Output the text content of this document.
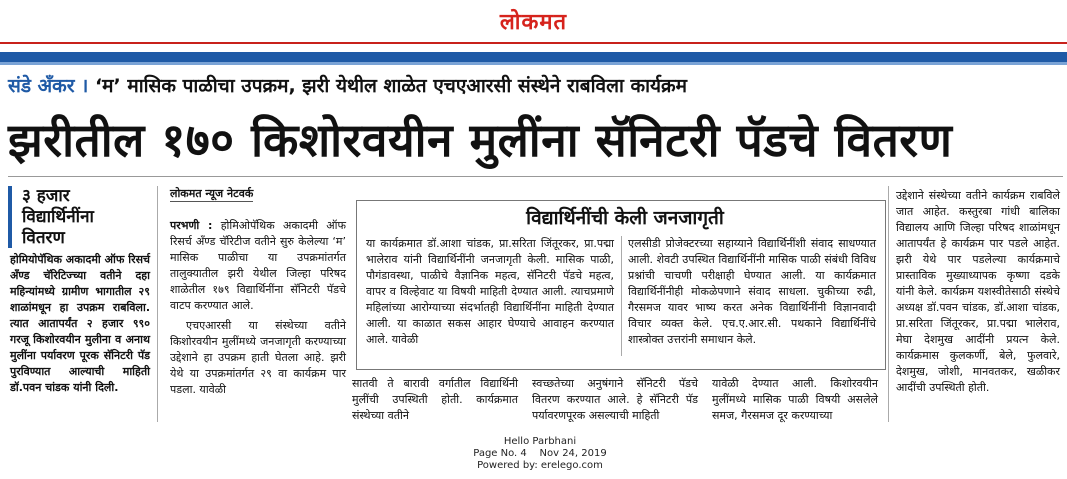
लोकमत
संडे अँकर । ‘म’ मासिक पाळीचा उपक्रम, झरी येथील शाळेत एचएआरसी संस्थेने राबविला कार्यक्रम
झरीतील १७० किशोरवयीन मुलींना सॅनिटरी पॅडचे वितरण
३ हजार विद्यार्थिनींना वितरण
होमियोपॅथिक अकादमी ऑफ रिसर्च अँण्ड चॅरिटिज्च्या वतीने दहा महिन्यांमध्ये ग्रामीण भागातील २९ शाळांमधून हा उपक्रम राबविला. त्यात आतापर्यंत २ हजार ९९० गरजू किशोरवयीन मुलीना व अनाथ मुलींना पर्यावरण पूरक सॅनिटरी पॅड पुरविण्यात आल्याची माहिती डॉ.पवन चांडक यांनी दिली.
लोकमत न्यूज नेटवर्क

परभणी : होमिओपॅथिक अकादमी ऑफ रिसर्च अँण्ड चॅरिटीज वतीने सुरु केलेल्या ‘म’ मासिक पाळीचा या उपक्रमांतर्गत तालुक्यातील झरी येथील जिल्हा परिषद शाळेतील १७९ विद्यार्थिनींना सॅनिटरी पॅडचे वाटप करण्यात आले.

एचएआरसी या संस्थेच्या वतीने किशोरवयीन मुलींमध्ये जनजागृती करण्याच्या उद्देशाने हा उपक्रम हाती घेतला आहे. झरी येथे या उपक्रमांतर्गत २९ वा कार्यक्रम पार पडला. यावेळी

विद्यार्थिनींची केली जनजागृती
या कार्यक्रमात डॉ.आशा चांडक, प्रा.सरिता जिंतूरकर, प्रा.पद्मा भालेराव यांनी विद्यार्थिनींनी जनजागृती केली. मासिक पाळी, पौगंडावस्था, पाळीचे वैज्ञानिक महत्व, सॅनिटरी पॅडचे महत्व, वापर व विल्हेवाट या विषयी माहिती देण्यात आली. त्याचप्रमाणे महिलांच्या आरोग्याच्या संदर्भातही विद्यार्थिनींना माहिती देण्यात आली. या काळात सकस आहार घेण्याचे आवाहन करण्यात आले. यावेळी
एलसीडी प्रोजेक्टरच्या सहाय्याने विद्यार्थिनींशी संवाद साधण्यात आली. शेवटी उपस्थित विद्यार्थिनींनी मासिक पाळी संबंधी विविध प्रश्नांची चाचणी परीक्षाही घेण्यात आली. या कार्यक्रमात विद्यार्थिनींनीही मोकळेपणाने संवाद साधला. चुकीच्या रुढी, गैरसमज यावर भाष्य करत अनेक विद्यार्थिनींनी विज्ञानवादी विचार व्यक्त केले. एच.ए.आर.सी. पथकाने विद्यार्थिनींचे शास्त्रोक्त उत्तरांनी समाधान केले.
सातवी ते बारावी वर्गातील विद्यार्थिनी मुलींची उपस्थिती होती. कार्यक्रमात संस्थेच्या वतीने
स्वच्छतेच्या अनुषंगाने सॅनिटरी पॅडचे वितरण करण्यात आले. हे सॅनिटरी पॅड पर्यावरणपूरक असल्याची माहिती
यावेळी देण्यात आली. किशोरवयीन मुलींमध्ये मासिक पाळी विषयी असलेले समज, गैरसमज दूर करण्याच्या
उद्देशाने संस्थेच्या वतीने कार्यक्रम राबविले जात आहेत. कस्तुरबा गांधी बालिका विद्यालय आणि जिल्हा परिषद शाळांमधून आतापर्यंत हे कार्यक्रम पार पडले आहेत. झरी येथे पार पडलेल्या कार्यक्रमाचे प्रास्ताविक मुख्याध्यापक कृष्णा दडके यांनी केले. कार्यक्रम यशस्वीतेसाठी संस्थेचे अध्यक्ष डॉ.पवन चांडक, डॉ.आशा चांडक, प्रा.सरिता जिंतूरकर, प्रा.पद्मा भालेराव, मेघा देशमुख आदींनी प्रयत्न केले. कार्यक्रमास कुलकर्णी, बेले, फुलवारे, देशमुख, जोशी, मानवतकर, खळीकर आदींची उपस्थिती होती.
Hello Parbhani
Page No. 4    Nov 24, 2019
Powered by: erelego.com
